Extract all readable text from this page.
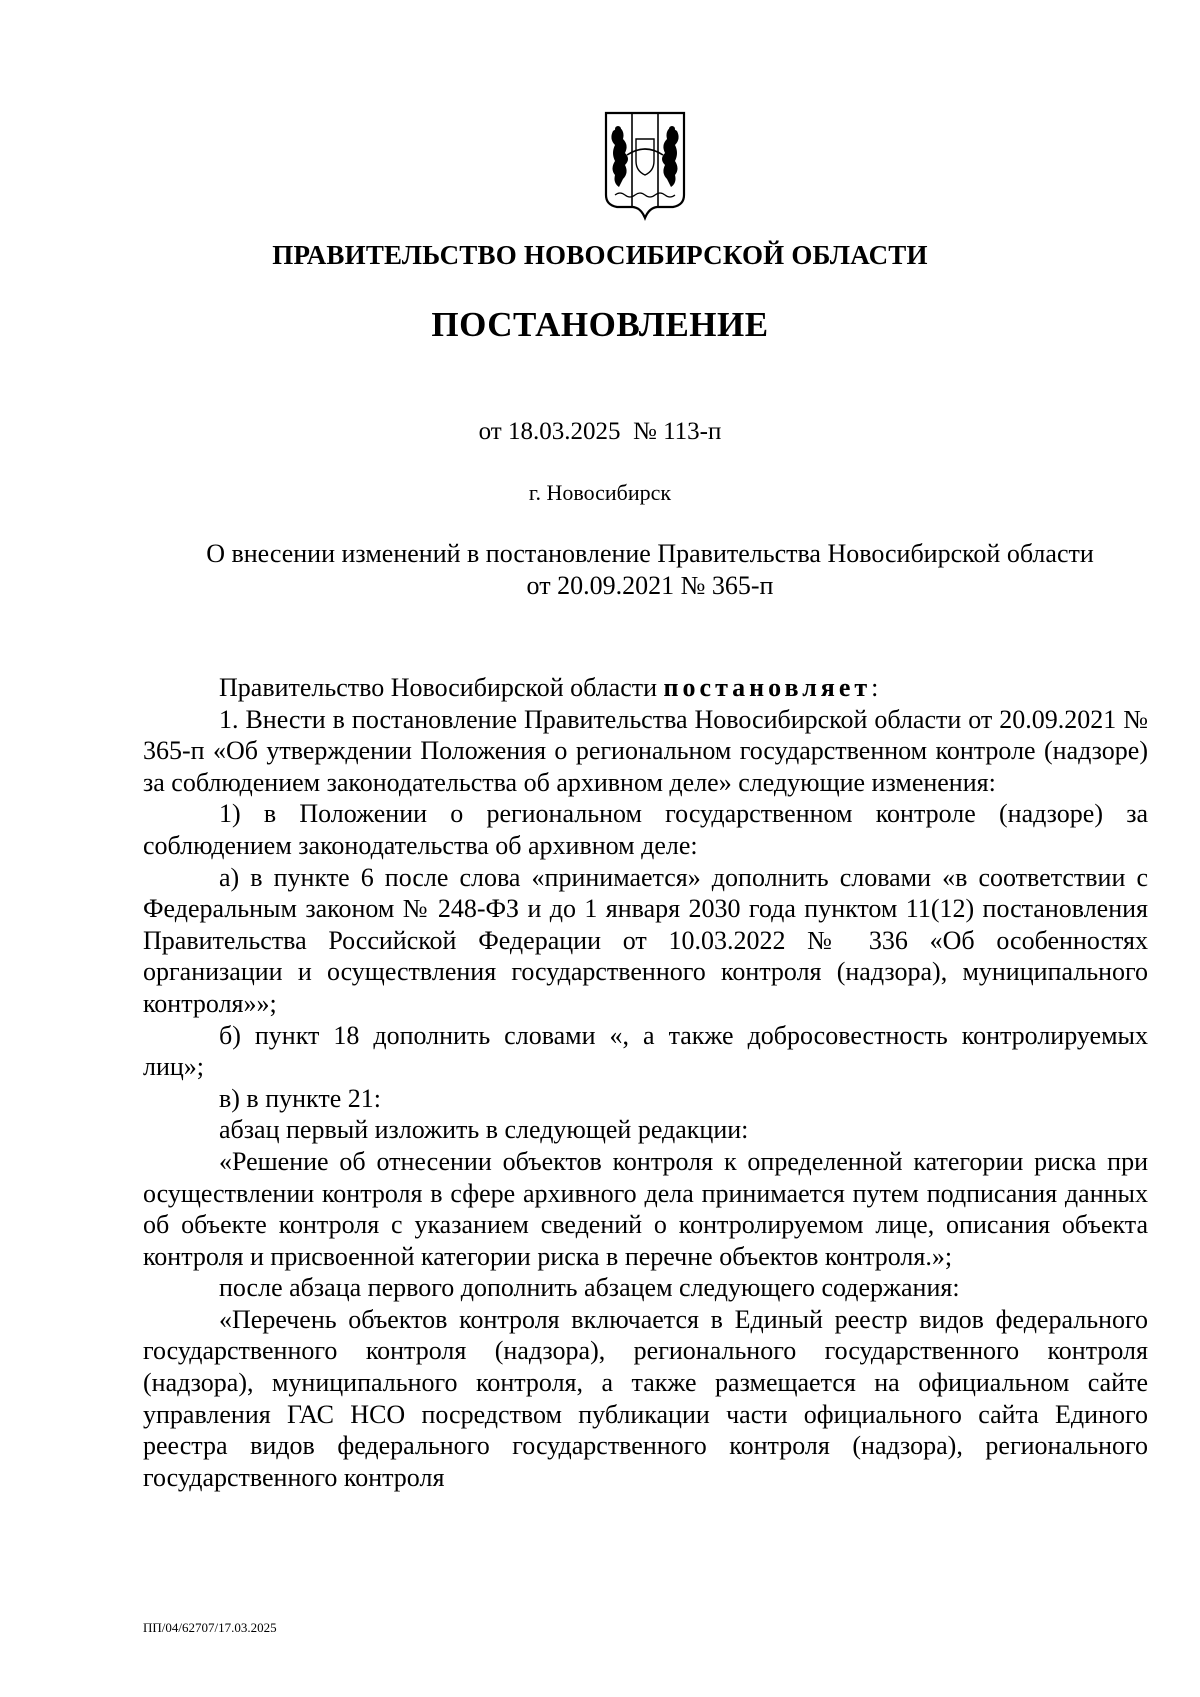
ПРАВИТЕЛЬСТВО НОВОСИБИРСКОЙ ОБЛАСТИ
ПОСТАНОВЛЕНИЕ
от 18.03.2025  № 113-п
г. Новосибирск
О внесении изменений в постановление Правительства Новосибирской области
от 20.09.2021 № 365-п

Правительство Новосибирской области постановляет:

1. Внести в постановление Правительства Новосибирской области от 20.09.2021 № 365-п «Об утверждении Положения о региональном государственном контроле (надзоре) за соблюдением законодательства об архивном деле» следующие изменения:

1) в Положении о региональном государственном контроле (надзоре) за соблюдением законодательства об архивном деле:

а) в пункте 6 после слова «принимается» дополнить словами «в соответствии с Федеральным законом № 248-ФЗ и до 1 января 2030 года пунктом 11(12) постановления Правительства Российской Федерации от 10.03.2022 № 336 «Об особенностях организации и осуществления государственного контроля (надзора), муниципального контроля»»;

б) пункт 18 дополнить словами «, а также добросовестность контролируемых лиц»;

в) в пункте 21:

абзац первый изложить в следующей редакции:

«Решение об отнесении объектов контроля к определенной категории риска при осуществлении контроля в сфере архивного дела принимается путем подписания данных об объекте контроля с указанием сведений о контролируемом лице, описания объекта контроля и присвоенной категории риска в перечне объектов контроля.»;

после абзаца первого дополнить абзацем следующего содержания:

«Перечень объектов контроля включается в Единый реестр видов федерального государственного контроля (надзора), регионального государственного контроля (надзора), муниципального контроля, а также размещается на официальном сайте управления ГАС НСО посредством публикации части официального сайта Единого реестра видов федерального государственного контроля (надзора), регионального государственного контроля

ПП/04/62707/17.03.2025
